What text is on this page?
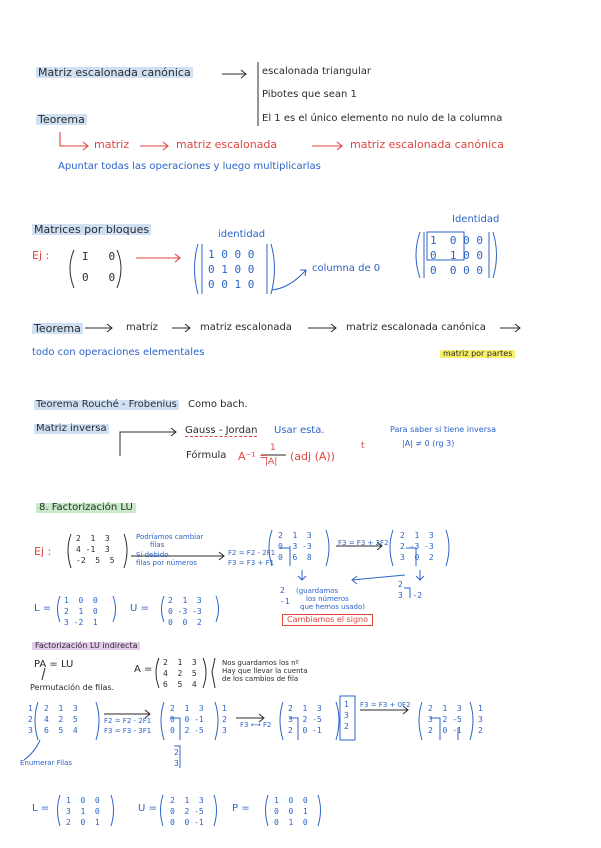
Matriz escalonada canónica	escalonada triangular
Pibotes que sean 1
El 1 es el único elemento no nulo de la columna
Teorema
matriz	matriz escalonada	matriz escalonada canónica
Apuntar todas las operaciones y luego multiplicarlas
Matrices por bloques
Ej :	I   0
0   0
identidad
1 0 0 0
0 1 0 0
0 0 1 0
columna de 0
Identidad
1  0 0 0
0  1 0 0
0  0 0 0
Teorema	matriz	matriz escalonada	matriz escalonada canónica
todo con operaciones elementales	matriz por partes
Teorema Rouché - Frobenius Como bach.
Matriz inversa	Gauss - Jordan Usar esta.
Fórmula A⁻¹ =
1
|A| (adj (A))
t
Para saber si tiene inversa
|A| ≠ 0 (rg 3)
8. Factorización LU
Ej :
2  1  3
4 -1  3
-2  5  5
Podríamos cambiar
filas
Sí debido
filas por números
F2 = F2 - 2F1
F3 = F3 + F1
2  1  3
0 -3 -3
0  6  8
F3 = F3 + 2F2
2  1  3
2 -3 -3
3  0  2
2
-1
2
3  -2
(guardamos
los números
que hemos usado)
Cambiamos el signo
L =
1  0  0
2  1  0
3 -2  1
U =
2  1  3
0 -3 -3
0  0  2
Factorización LU indirecta
PA = LU
Permutación de filas.
A =
2  1  3
4  2  5
6  5  4
Nos guardamos los nº
Hay que llevar la cuenta
de los cambios de fila
1
2
3
2  1  3
4  2  5
6  5  4
F2 = F2 - 2F1
F3 = F3 - 3F1
2  1  3
0  0 -1
0  2 -5
1
2
3
2
3
F3 ⟷ F2
2  1  3
3  2 -5
2  0 -1
1
3
2
F3 = F3 + 0F2 2  1  3
3  2 -5
2  0 -1
1
3
2
Enumerar Filas
L =
1  0  0
3  1  0
2  0  1
U =
2  1  3
0  2 -5
0  0 -1
P =
1  0  0
0  0  1
0  1  0
